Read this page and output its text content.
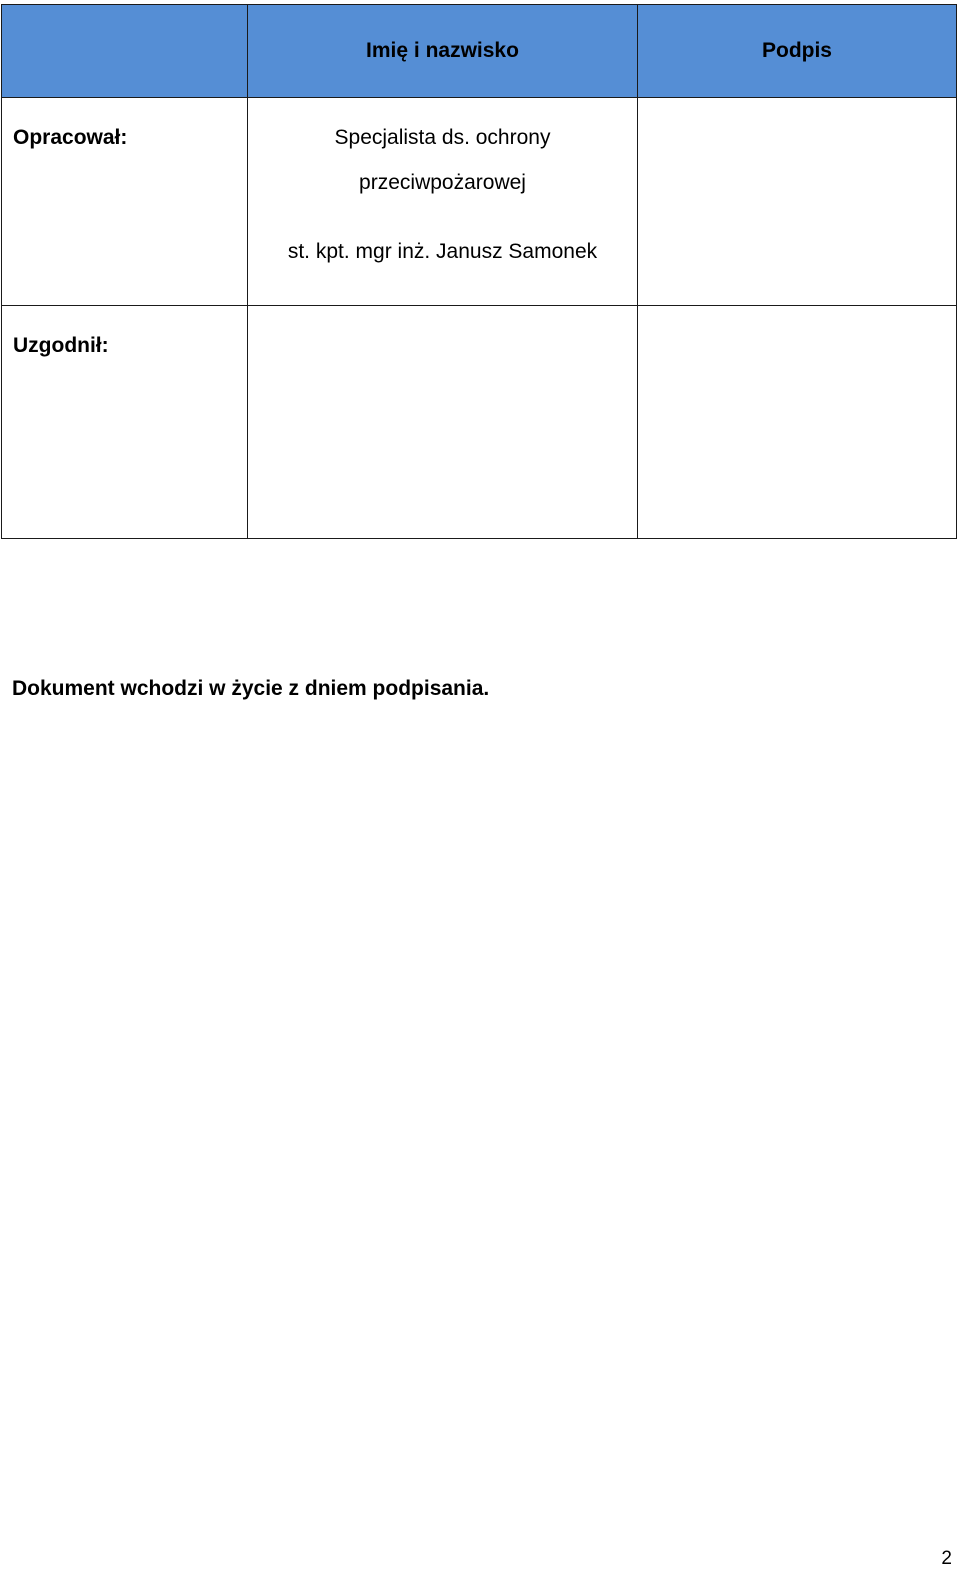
	Imię i nazwisko	Podpis

Opracował:	Specjalista ds. ochrony
przeciwpożarowej
st. kpt. mgr inż. Janusz Samonek	

Uzgodnił:		

Dokument wchodzi w życie z dniem podpisania.

2
